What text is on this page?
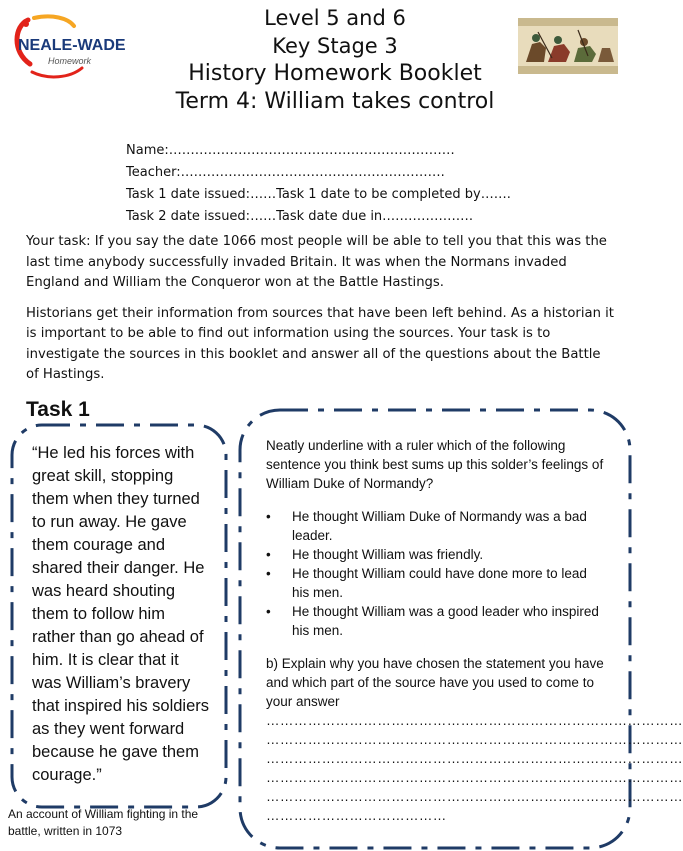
NEALE-WADE
Homework
Level 5 and 6
Key Stage 3
History Homework Booklet
Term 4: William takes control
Name:…………………………………………………………
Teacher:…………………………………………………….
Task 1 date issued:……Task 1 date to be completed by…….
Task 2 date issued:……Task date due in…………………

Your task: If you say the date 1066 most people will be able to tell you that this was the last time anybody successfully invaded Britain. It was when the Normans invaded England and William the Conqueror won at the Battle Hastings.

Historians get their information from sources that have been left behind. As a historian it is important to be able to find out information using the sources. Your task is to investigate the sources in this booklet and answer all of the questions about the Battle of Hastings.

Task 1
“He led his forces with great skill, stopping them when they turned to run away. He gave them courage and shared their danger. He was heard shouting them to follow him rather than go ahead of him. It is clear that it was William’s bravery that inspired his soldiers as they went forward because he gave them courage.”
An account of William fighting in the battle, written in 1073

Neatly underline with a ruler which of the following sentence you think best sums up this solder’s feelings of William Duke of Normandy?

• He thought William Duke of Normandy was a bad leader.
• He thought William was friendly.
• He thought William could have done more to lead his men.
• He thought William was a good leader who inspired his men.

b) Explain why you have chosen the statement you have and which part of the source have you used to come to your answer

………………………………………………………………………………
………………………………………………………………………………
………………………………………………………………………………
………………………………………………………………………………
………………………………………………………………………………
…………………………………
